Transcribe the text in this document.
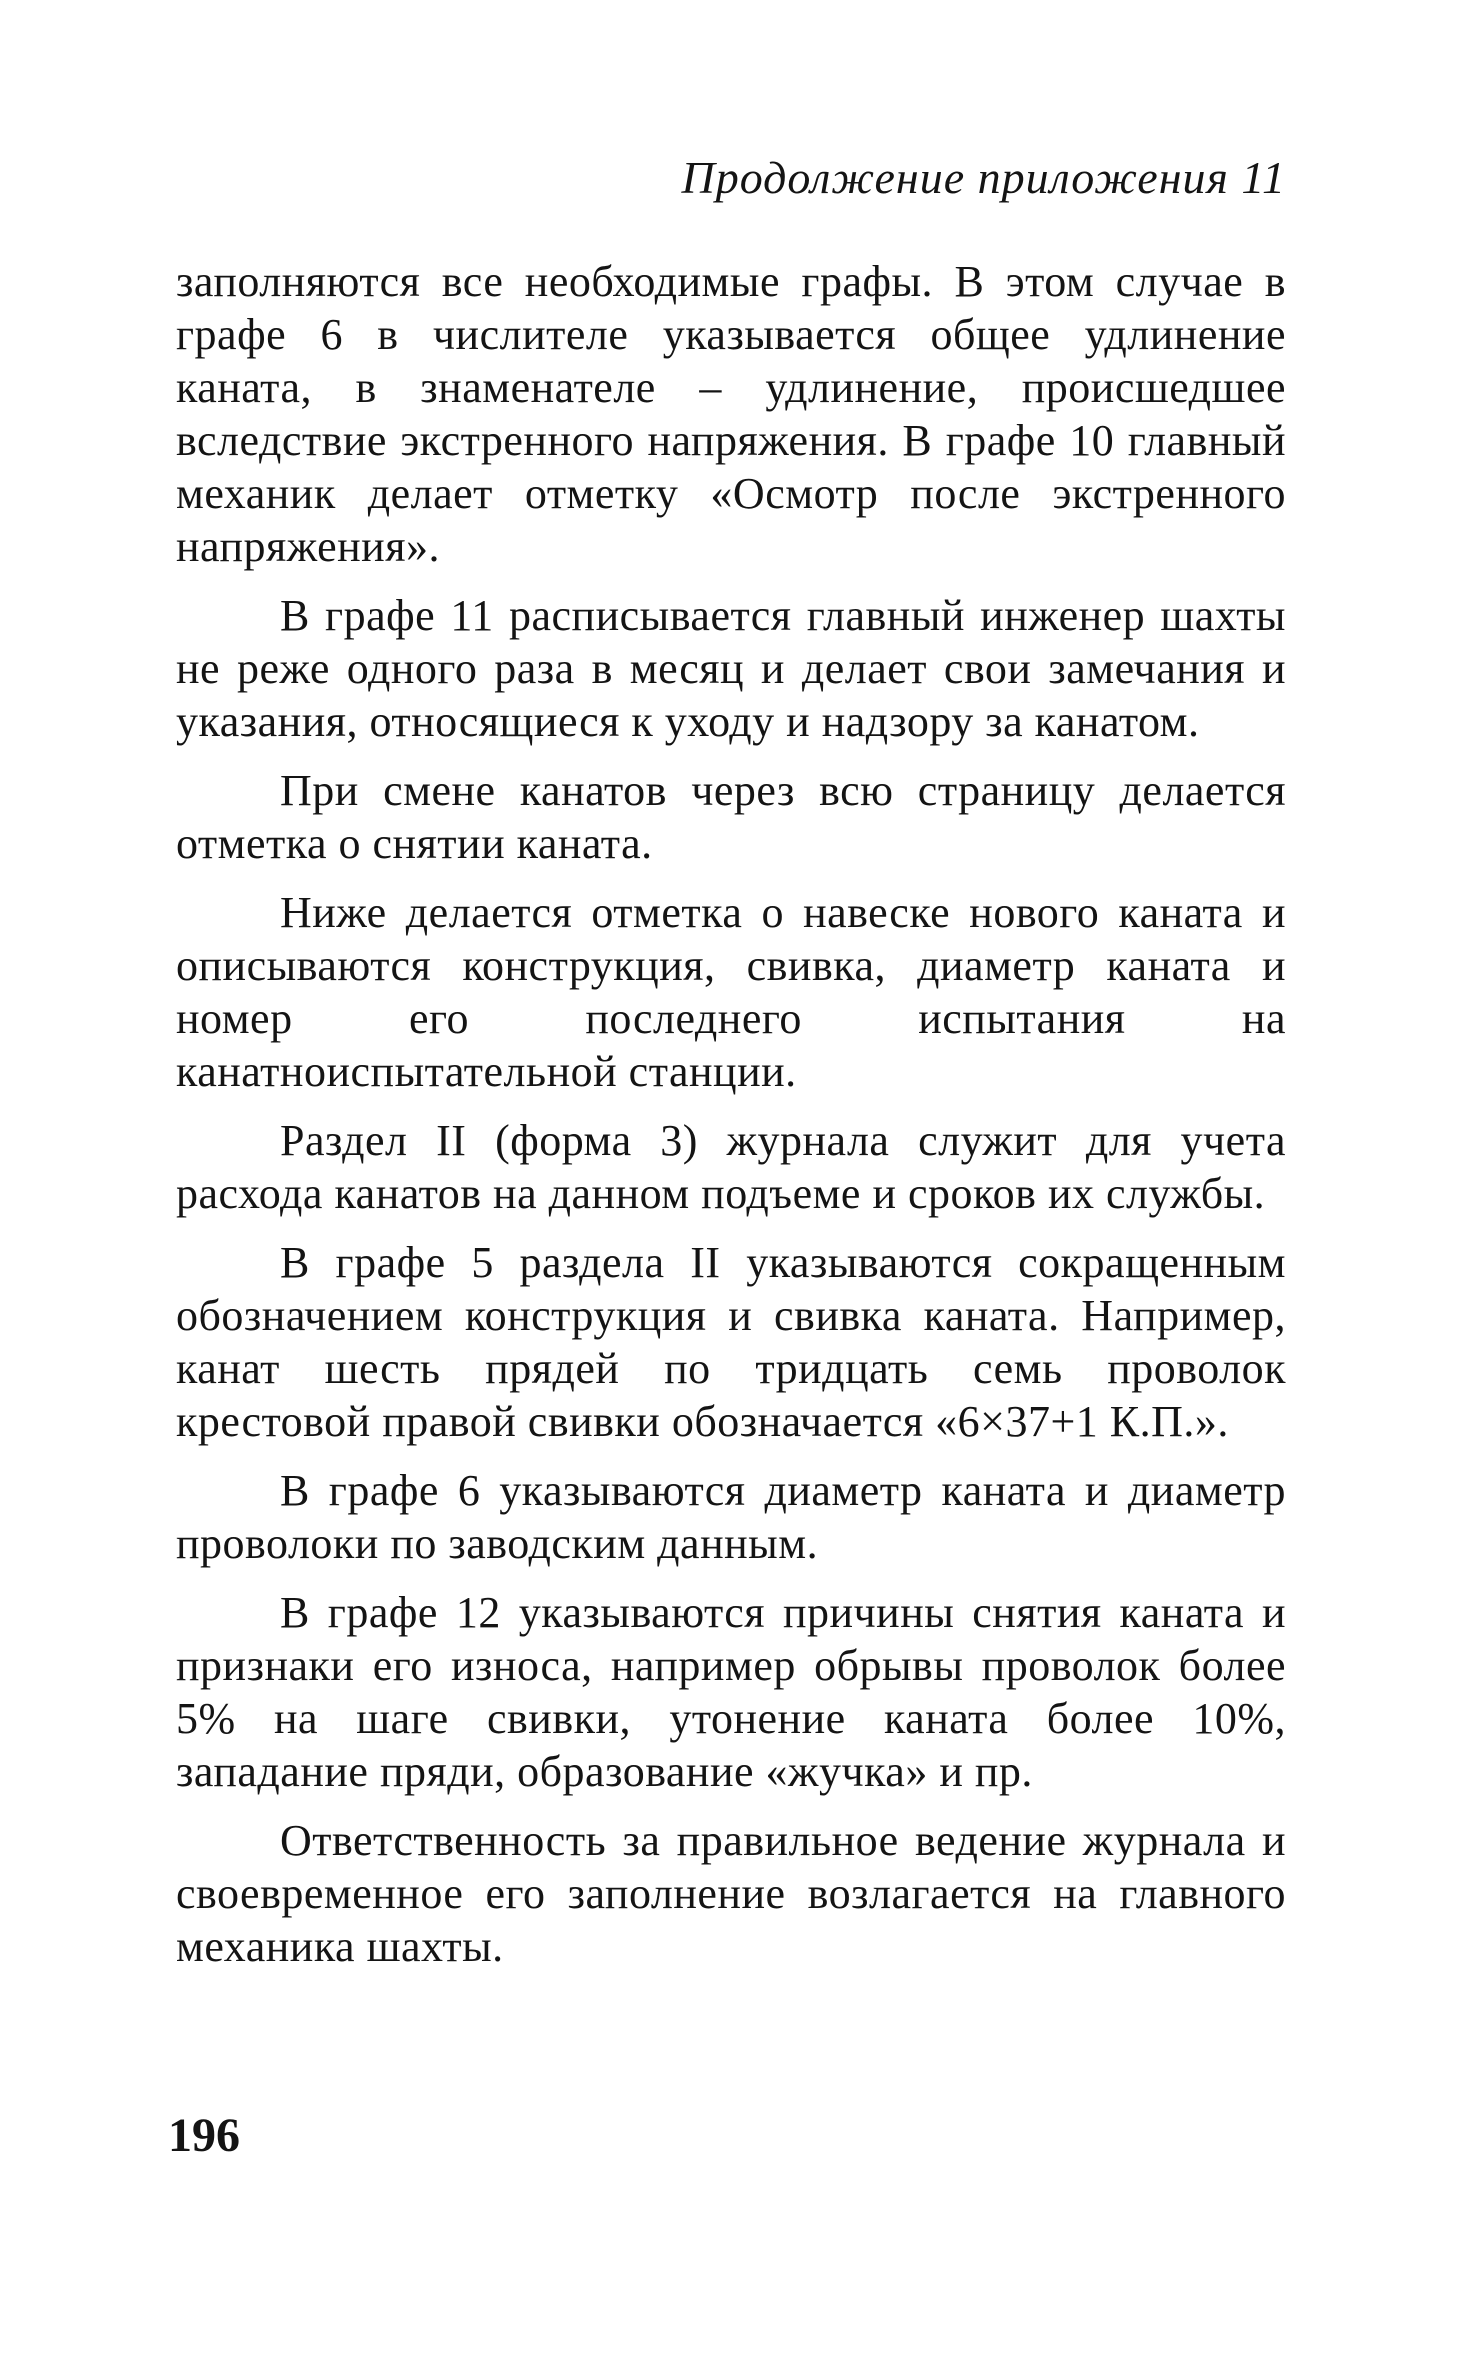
Продолжение приложения 11

заполняются все необходимые графы. В этом случае в графе 6 в числителе указывается общее удлинение каната, в знаменателе – удлинение, происшедшее вследствие экстренного напряжения. В графе 10 главный механик делает отметку «Осмотр после экстренного напряжения».

В графе 11 расписывается главный инженер шахты не реже одного раза в месяц и делает свои замечания и указания, относящиеся к уходу и надзору за канатом.

При смене канатов через всю страницу делается отметка о снятии каната.

Ниже делается отметка о навеске нового каната и описываются конструкция, свивка, диаметр каната и номер его последнего испытания на канатноиспытательной станции.

Раздел II (форма 3) журнала служит для учета расхода канатов на данном подъеме и сроков их службы.

В графе 5 раздела II указываются сокращенным обозначением конструкция и свивка каната. Например, канат шесть прядей по тридцать семь проволок крестовой правой свивки обозначается «6×37+1 К.П.».

В графе 6 указываются диаметр каната и диаметр проволоки по заводским данным.

В графе 12 указываются причины снятия каната и признаки его износа, например обрывы проволок более 5% на шаге свивки, утонение каната более 10%, западание пряди, образование «жучка» и пр.

Ответственность за правильное ведение журнала и своевременное его заполнение возлагается на главного механика шахты.

196
